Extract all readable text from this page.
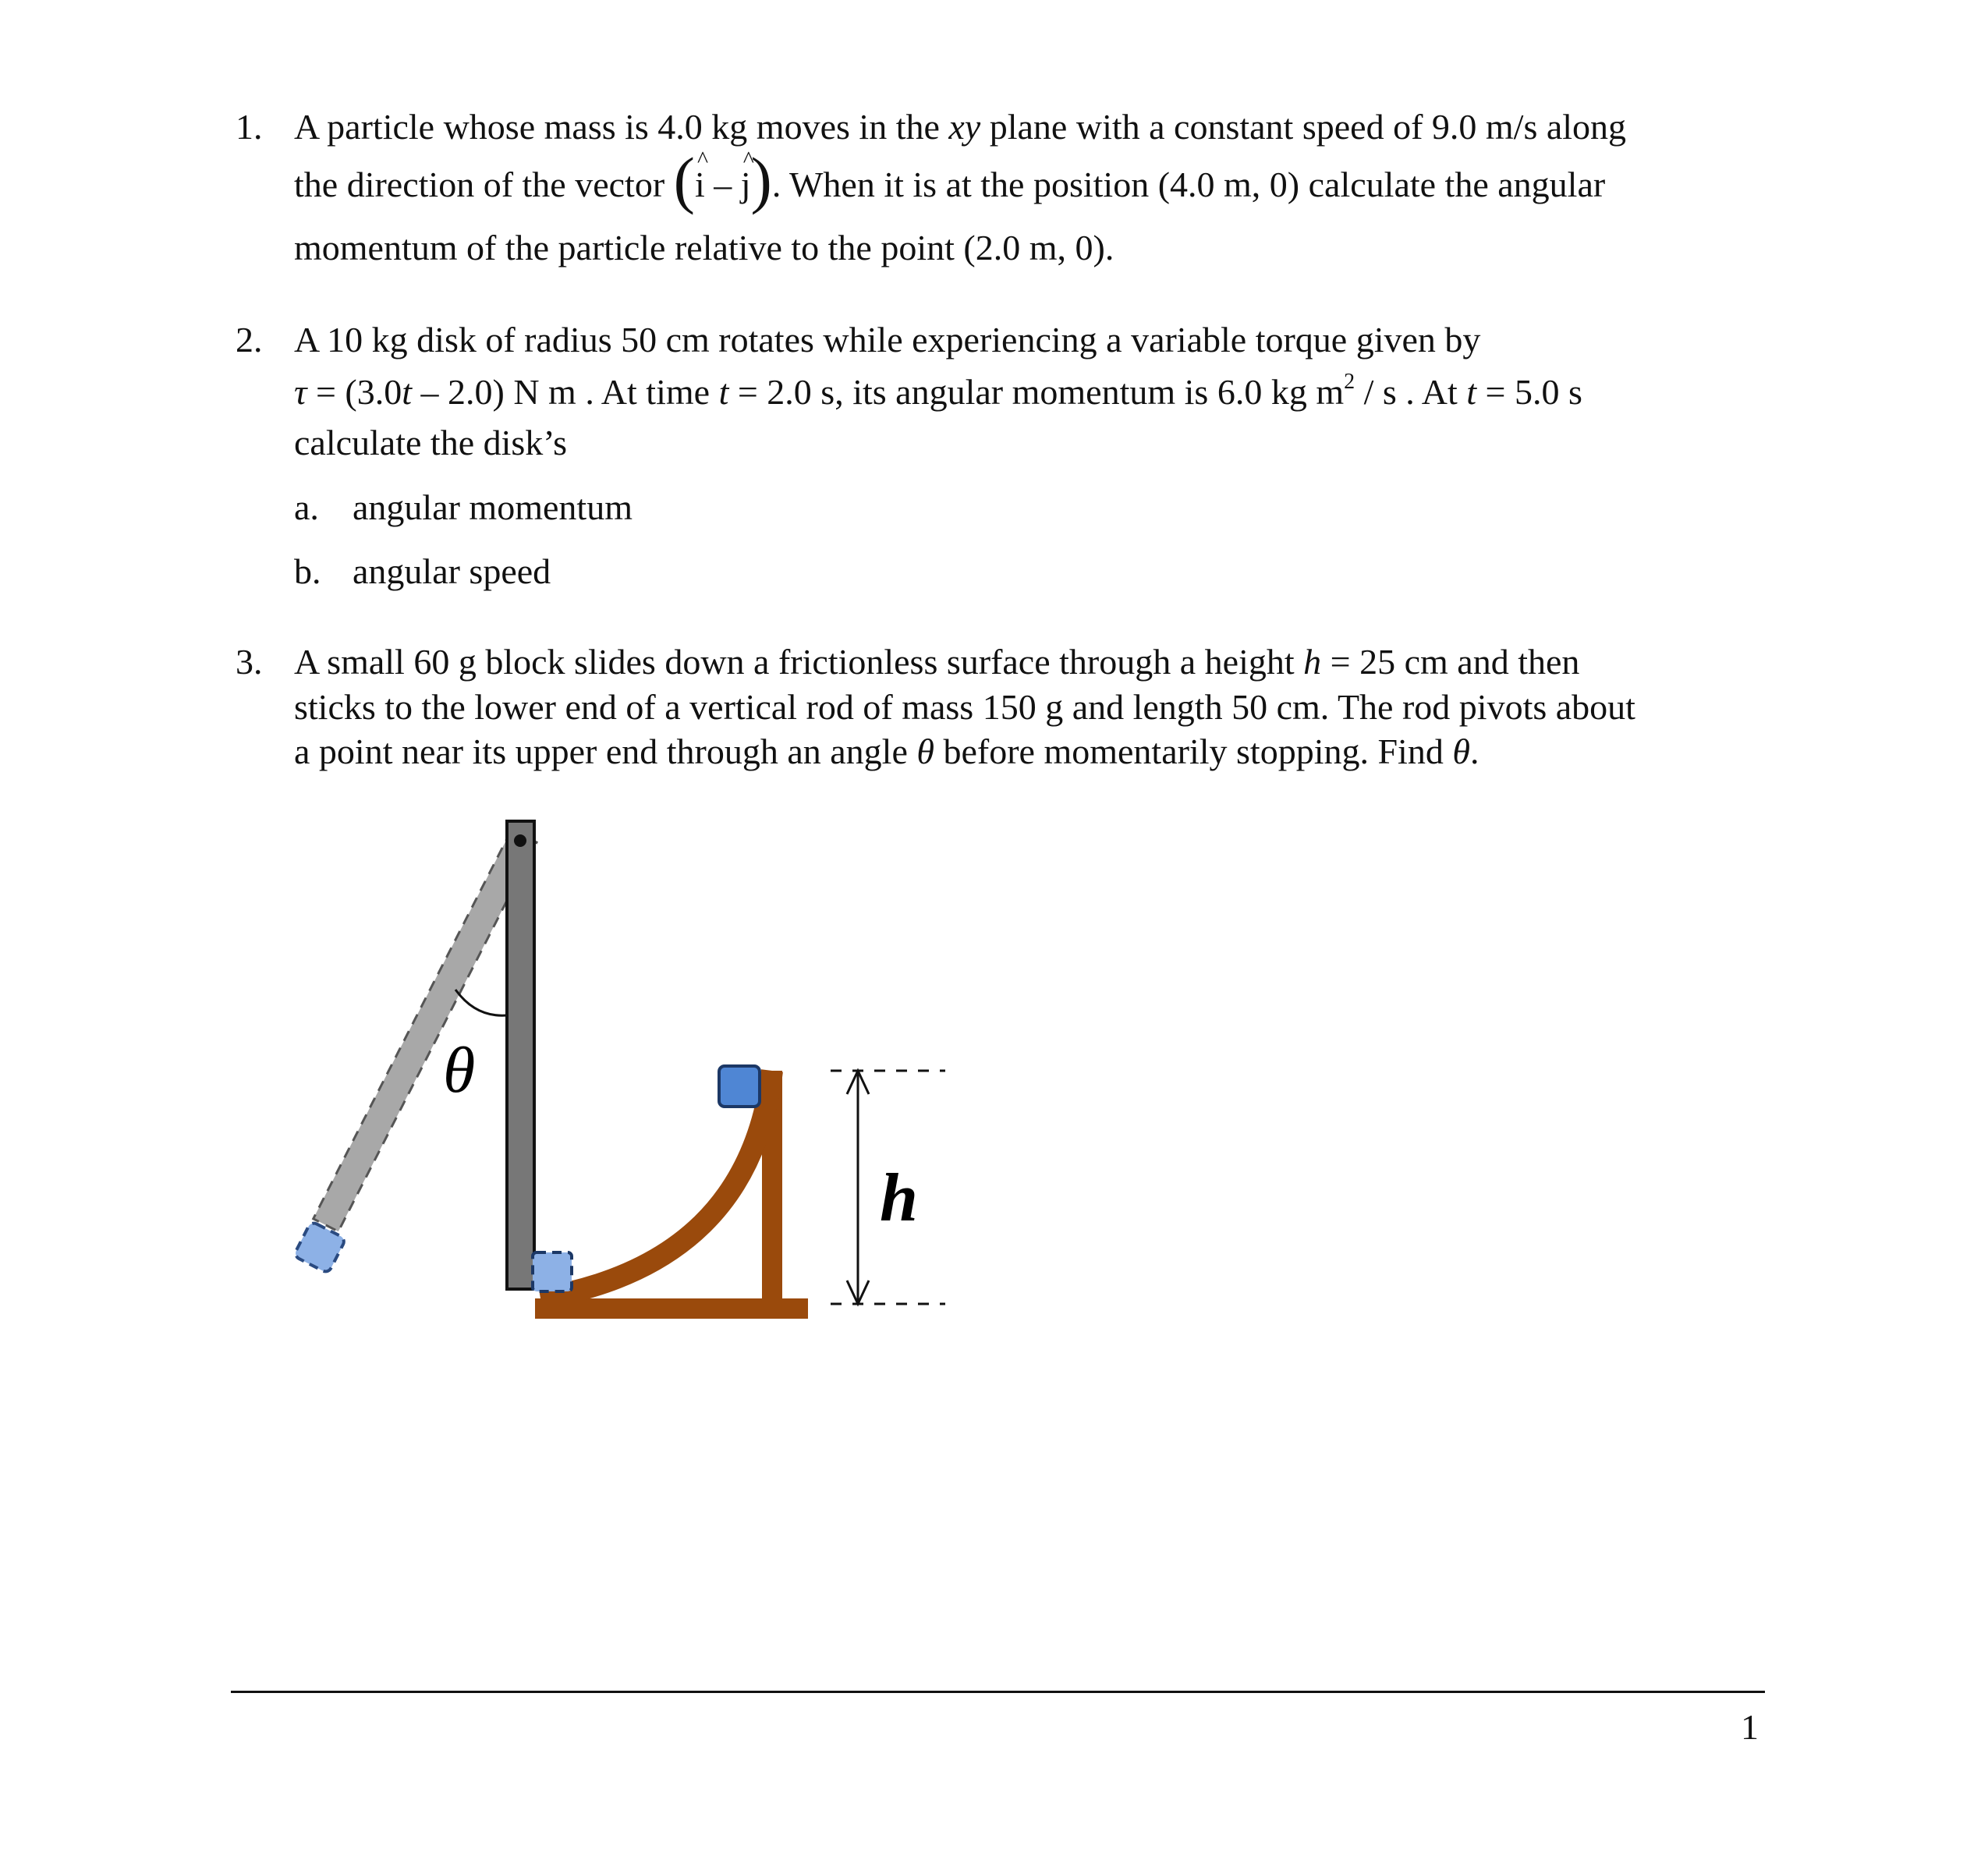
1. A particle whose mass is 4.0 kg moves in the xy plane with a constant speed of 9.0 m/s along
the direction of the vector (^ i – ^ j). When it is at the position (4.0 m, 0) calculate the angular
momentum of the particle relative to the point (2.0 m, 0).
2. A 10 kg disk of radius 50 cm rotates while experiencing a variable torque given by
τ = (3.0t – 2.0) N m . At time t = 2.0 s, its angular momentum is 6.0 kg $m^2$ / s . At t = 5.0 s
calculate the disk’s
a. angular momentum
b. angular speed
3. A small 60 g block slides down a frictionless surface through a height h = 25 cm and then
sticks to the lower end of a vertical rod of mass 150 g and length 50 cm. The rod pivots about
a point near its upper end through an angle θ before momentarily stopping. Find θ.
θ
h
1
